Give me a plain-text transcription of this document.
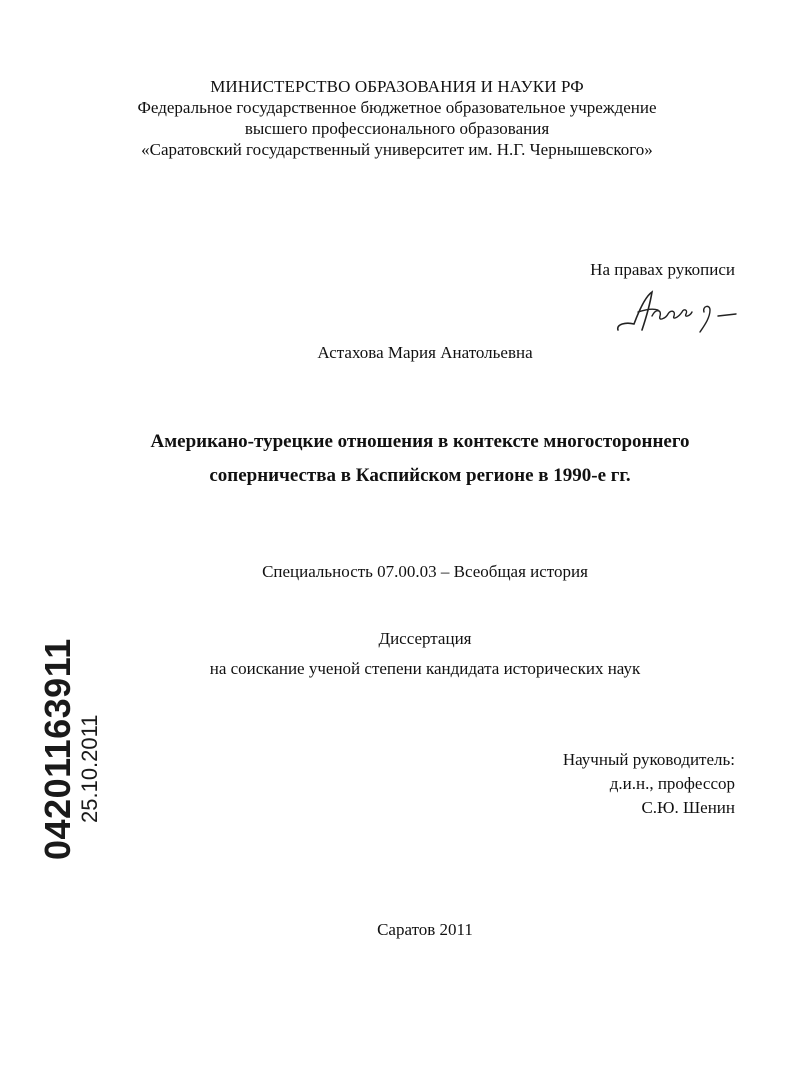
МИНИСТЕРСТВО ОБРАЗОВАНИЯ И НАУКИ РФ
Федеральное государственное бюджетное образовательное учреждение
высшего профессионального образования
«Саратовский государственный университет им. Н.Г. Чернышевского»
На правах рукописи
Астахова Мария Анатольевна
Американо-турецкие отношения в контексте многостороннего
соперничества в Каспийском регионе в 1990-е гг.
Специальность 07.00.03 – Всеобщая история
Диссертация
на соискание ученой степени кандидата исторических наук
Научный руководитель:
д.и.н., профессор
С.Ю. Шенин
Саратов 2011
04201163911 25.10.2011
